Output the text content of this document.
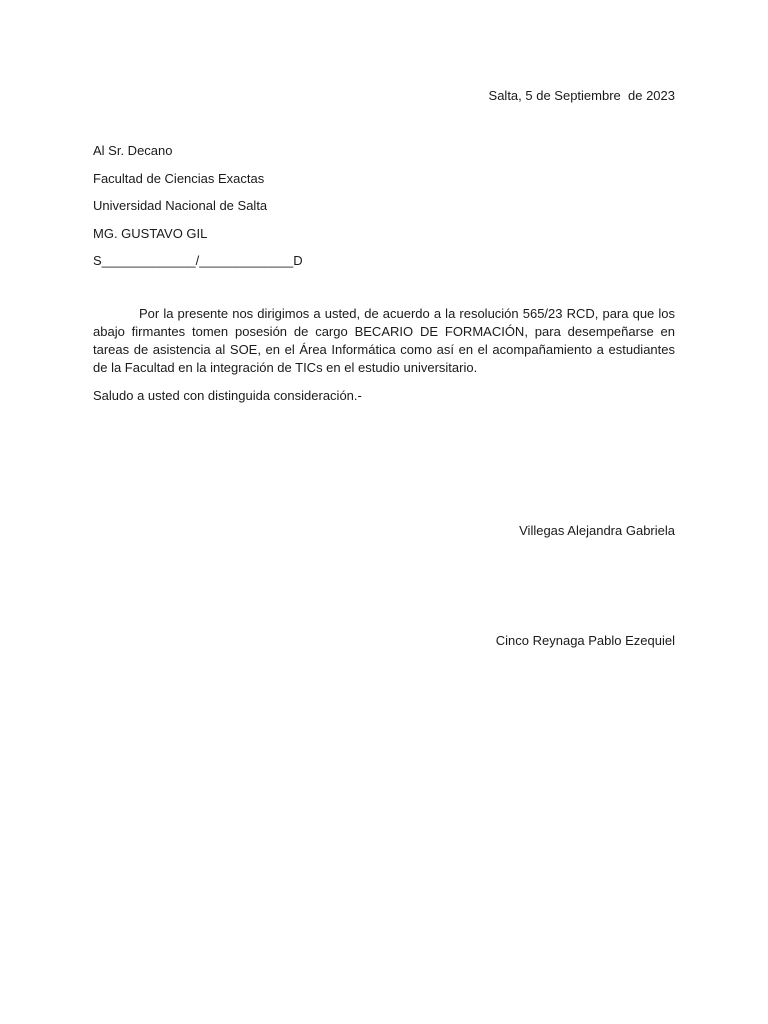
Salta, 5 de Septiembre  de 2023
Al Sr. Decano
Facultad de Ciencias Exactas
Universidad Nacional de Salta
MG. GUSTAVO GIL
S_____________/_____________D

Por la presente nos dirigimos a usted, de acuerdo a la resolución 565/23 RCD, para que los abajo firmantes tomen posesión de cargo BECARIO DE FORMACIÓN, para desempeñarse en tareas de asistencia al SOE, en el Área Informática como así en el acompañamiento a estudiantes de la Facultad en la integración de TICs en el estudio universitario.

Saludo a usted con distinguida consideración.-
Villegas Alejandra Gabriela
Cinco Reynaga Pablo Ezequiel
